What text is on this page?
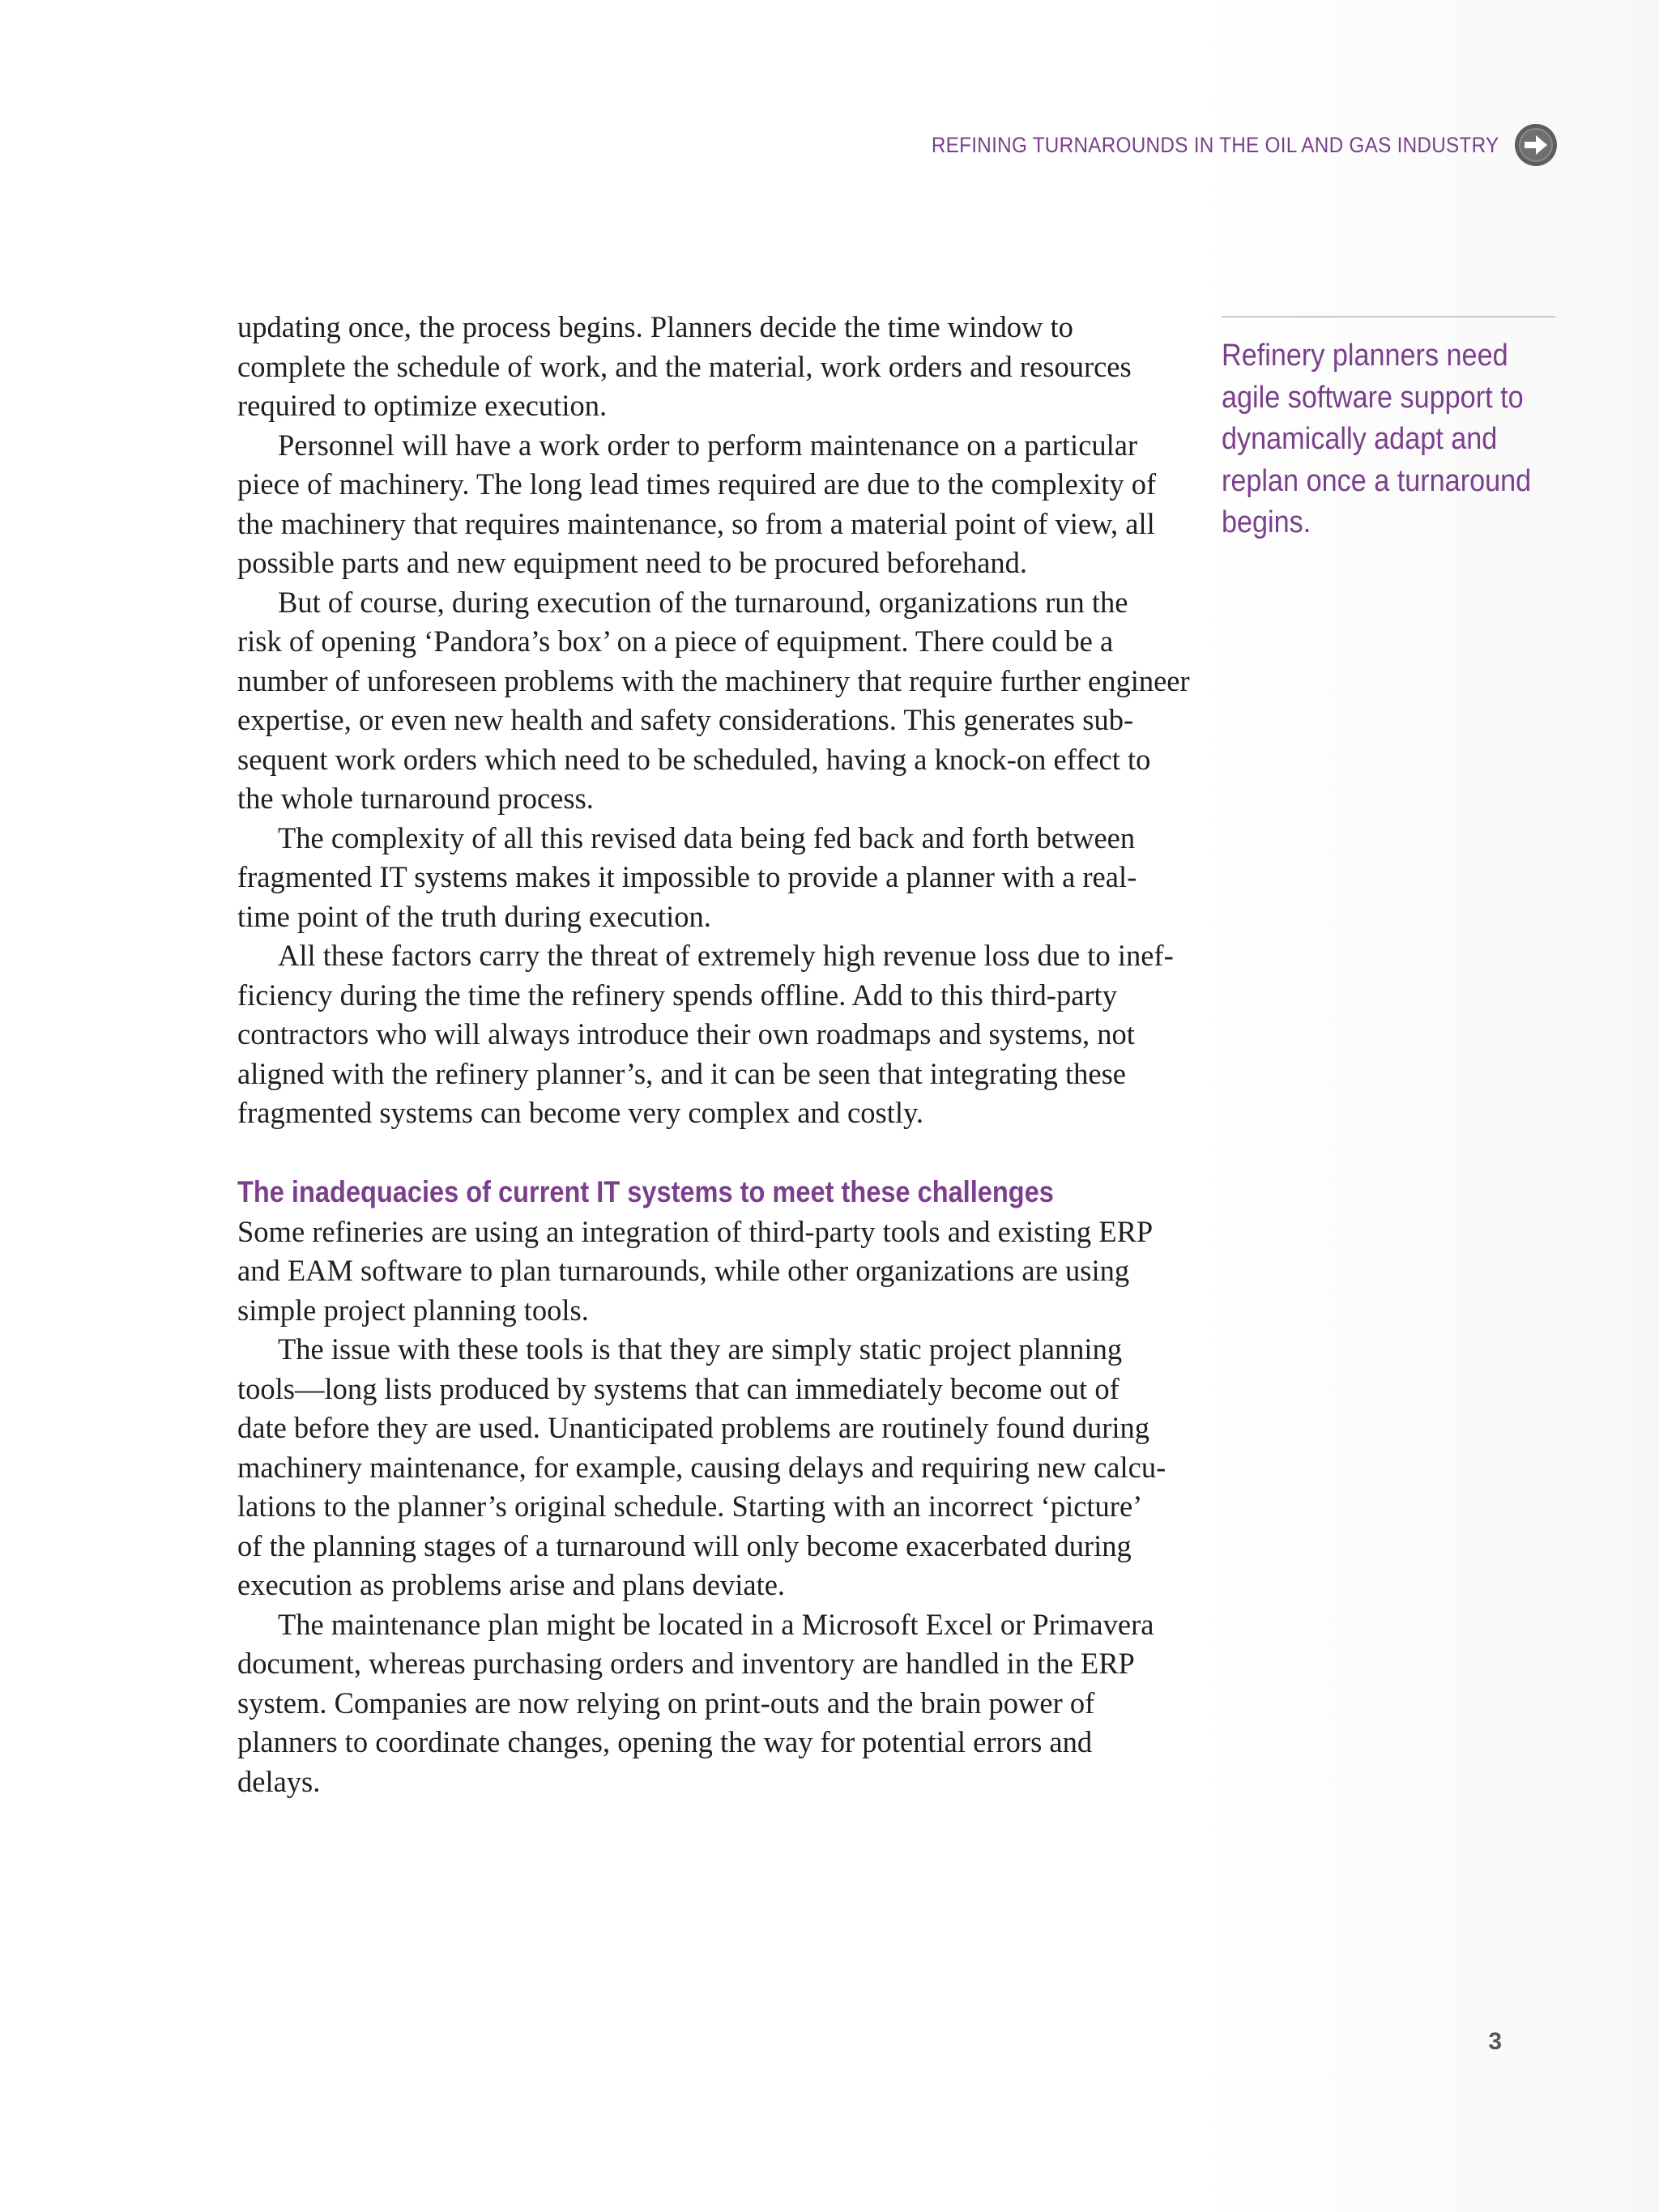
REFINING TURNAROUNDS IN THE OIL AND GAS INDUSTRY

updating once, the process begins. Planners decide the time window to

complete the schedule of work, and the material, work orders and resources

required to optimize execution.

Personnel will have a work order to perform maintenance on a particular

piece of machinery. The long lead times required are due to the complexity of

the machinery that requires maintenance, so from a material point of view, all

possible parts and new equipment need to be procured beforehand.

But of course, during execution of the turnaround, organizations run the

risk of opening ‘Pandora’s box’ on a piece of equipment. There could be a

number of unforeseen problems with the machinery that require further engineer

expertise, or even new health and safety considerations. This generates sub-

sequent work orders which need to be scheduled, having a knock-on effect to

the whole turnaround process.

The complexity of all this revised data being fed back and forth between

fragmented IT systems makes it impossible to provide a planner with a real-

time point of the truth during execution.

All these factors carry the threat of extremely high revenue loss due to inef-

ficiency during the time the refinery spends offline. Add to this third-party

contractors who will always introduce their own roadmaps and systems, not

aligned with the refinery planner’s, and it can be seen that integrating these

fragmented systems can become very complex and costly.

The inadequacies of current IT systems to meet these challenges

Some refineries are using an integration of third-party tools and existing ERP

and EAM software to plan turnarounds, while other organizations are using

simple project planning tools.

The issue with these tools is that they are simply static project planning

tools—long lists produced by systems that can immediately become out of

date before they are used. Unanticipated problems are routinely found during

machinery maintenance, for example, causing delays and requiring new calcu-

lations to the planner’s original schedule. Starting with an incorrect ‘picture’

of the planning stages of a turnaround will only become exacerbated during

execution as problems arise and plans deviate.

The maintenance plan might be located in a Microsoft Excel or Primavera

document, whereas purchasing orders and inventory are handled in the ERP

system. Companies are now relying on print-outs and the brain power of

planners to coordinate changes, opening the way for potential errors and

delays.

Refinery planners need
agile software support to
dynamically adapt and
replan once a turnaround
begins.
3
